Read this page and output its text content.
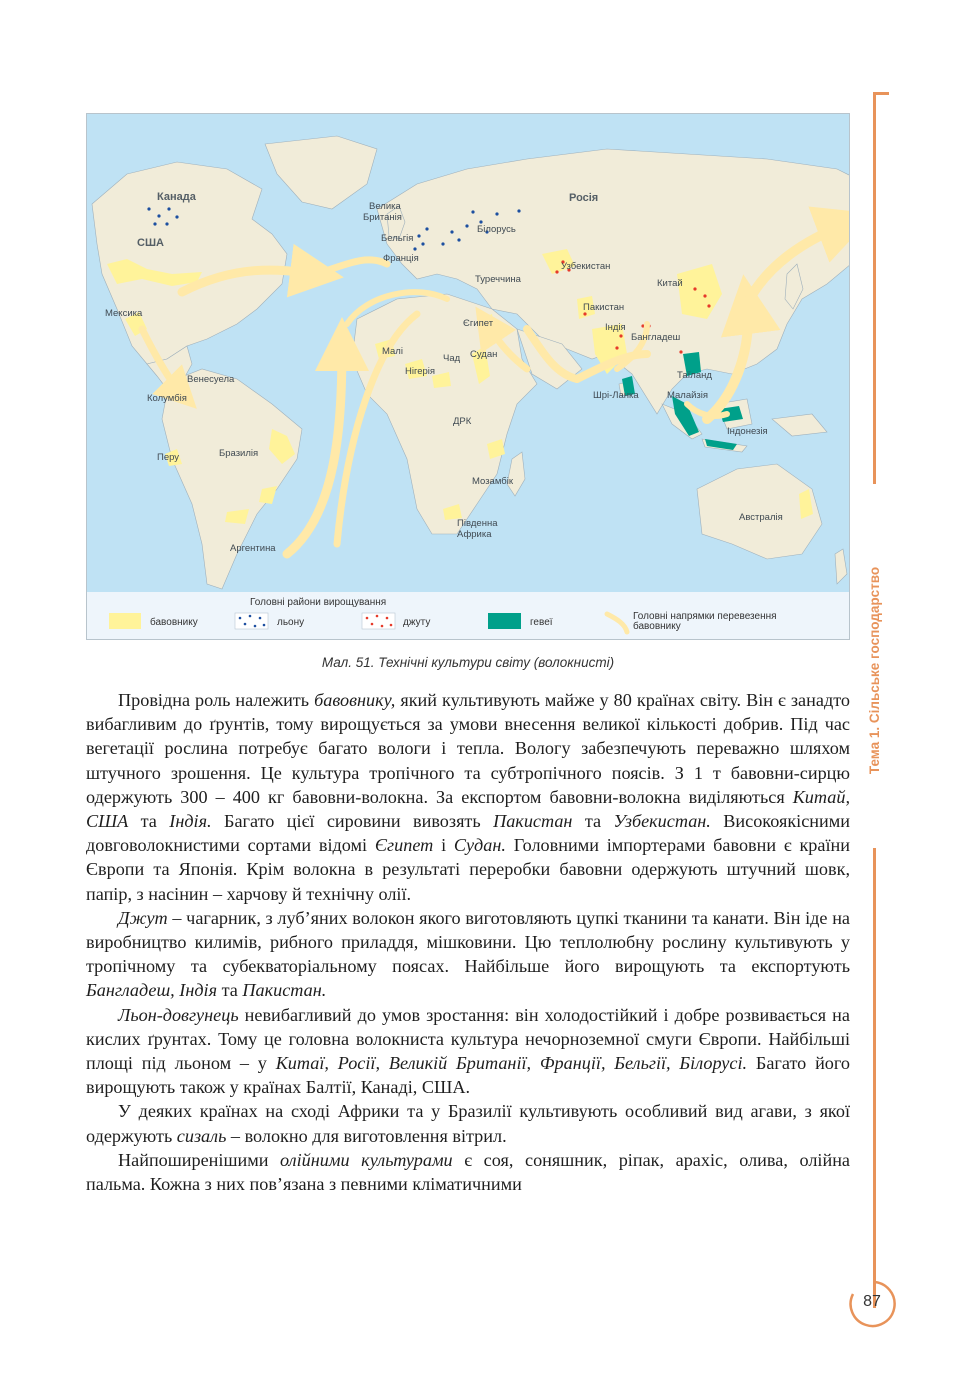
Канада
США
Мексика
Венесуела
Колумбія
Перу	Бразилія
Аргентина
Велика
Британія
Бельгія
Франція
Білорусь
Росія
Туреччина
Узбекистан
Єгипет
Малі
Чад Судан
Нігерія
ДРК
Мозамбік
Південна
Африка
Пакистан
Індія
Бангладеш
Китай
Таїланд
Шрі-Ланка	Малайзія
Індонезія
Австралія
Головні райони вирощування
бавовнику	льону	джуту	гевеї
Головні напрямки перевезення
бавовнику
Мал. 51. Технічні культури світу (волокнисті)

Провідна роль належить бавовнику, який культивують майже у 80 країнах світу. Він є занадто вибагливим до ґрунтів, тому вирощується за умови внесення великої кількості добрив. Під час вегетації рослина потребує багато вологи і тепла. Вологу забезпечують переважно шляхом штучного зрошення. Це культура тропічного та субтропічного поясів. З 1 т бавовни-сирцю одержують 300 – 400 кг бавовни-волокна. За експортом бавовни-волокна виділяються Китай, США та Індія. Багато цієї сировини вивозять Пакистан та Узбекистан. Високоякісними довговолокнистими сортами відомі Єгипет і Судан. Головними імпортерами бавовни є країни Європи та Японія. Крім волокна в результаті переробки бавовни одержують штучний шовк, папір, з насінин – харчову й технічну олії.

Джут – чагарник, з луб’яних волокон якого виготовляють цупкі тканини та канати. Він іде на виробництво килимів, рибного приладдя, мішковини. Цю теплолюбну рослину культивують у тропічному та субекваторіальному поясах. Найбільше його вирощують та експортують Бангладеш, Індія та Пакистан.

Льон-довгунець невибагливий до умов зростання: він холодостійкий і добре розвивається на кислих ґрунтах. Тому це головна волокниста культура нечорноземної смуги Європи. Найбільші площі під льоном – у Китаї, Росії, Великій Британії, Франції, Бельгії, Білорусі. Багато його вирощують також у країнах Балтії, Канаді, США.

У деяких країнах на сході Африки та у Бразилії культивують особливий вид агави, з якої одержують сизаль – волокно для виготовлення вітрил.

Найпоширенішими олійними культурами є соя, соняшник, ріпак, арахіс, олива, олійна пальма. Кожна з них пов’язана з певними кліматичними

Тема 1. Сільське господарство
87
